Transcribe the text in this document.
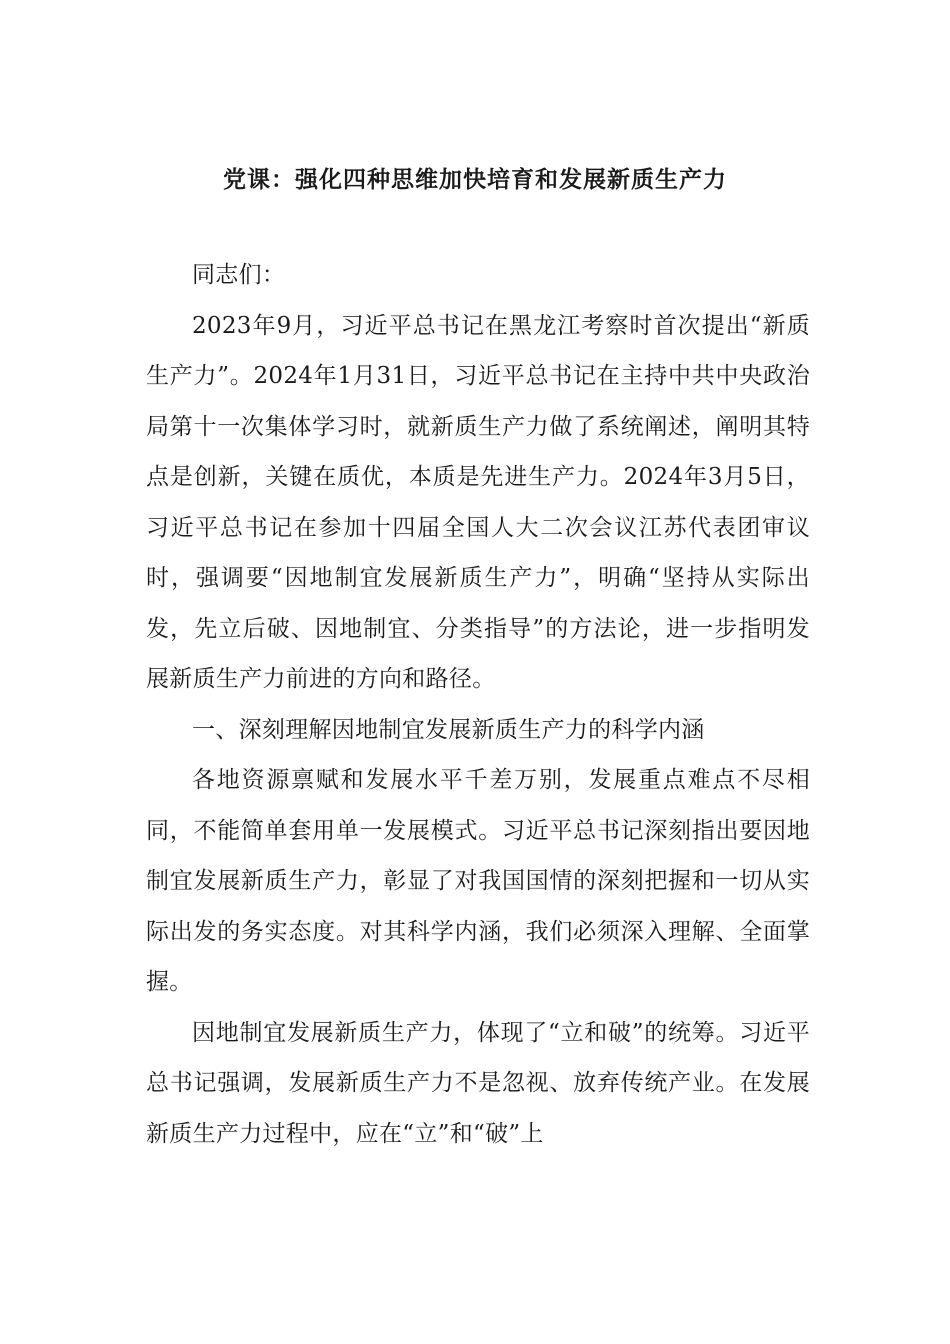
党课：强化四种思维加快培育和发展新质生产力

同志们：

2023年9月，习近平总书记在黑龙江考察时首次提出“新质生产力”。2024年1月31日，习近平总书记在主持中共中央政治局第十一次集体学习时，就新质生产力做了系统阐述，阐明其特点是创新，关键在质优，本质是先进生产力。2024年3月5日，习近平总书记在参加十四届全国人大二次会议江苏代表团审议时，强调要“因地制宜发展新质生产力”，明确“坚持从实际出发，先立后破、因地制宜、分类指导”的方法论，进一步指明发展新质生产力前进的方向和路径。

一、深刻理解因地制宜发展新质生产力的科学内涵

各地资源禀赋和发展水平千差万别，发展重点难点不尽相同，不能简单套用单一发展模式。习近平总书记深刻指出要因地制宜发展新质生产力，彰显了对我国国情的深刻把握和一切从实际出发的务实态度。对其科学内涵，我们必须深入理解、全面掌握。

因地制宜发展新质生产力，体现了“立和破”的统筹。习近平总书记强调，发展新质生产力不是忽视、放弃传统产业。在发展新质生产力过程中，应在“立”和“破”上
